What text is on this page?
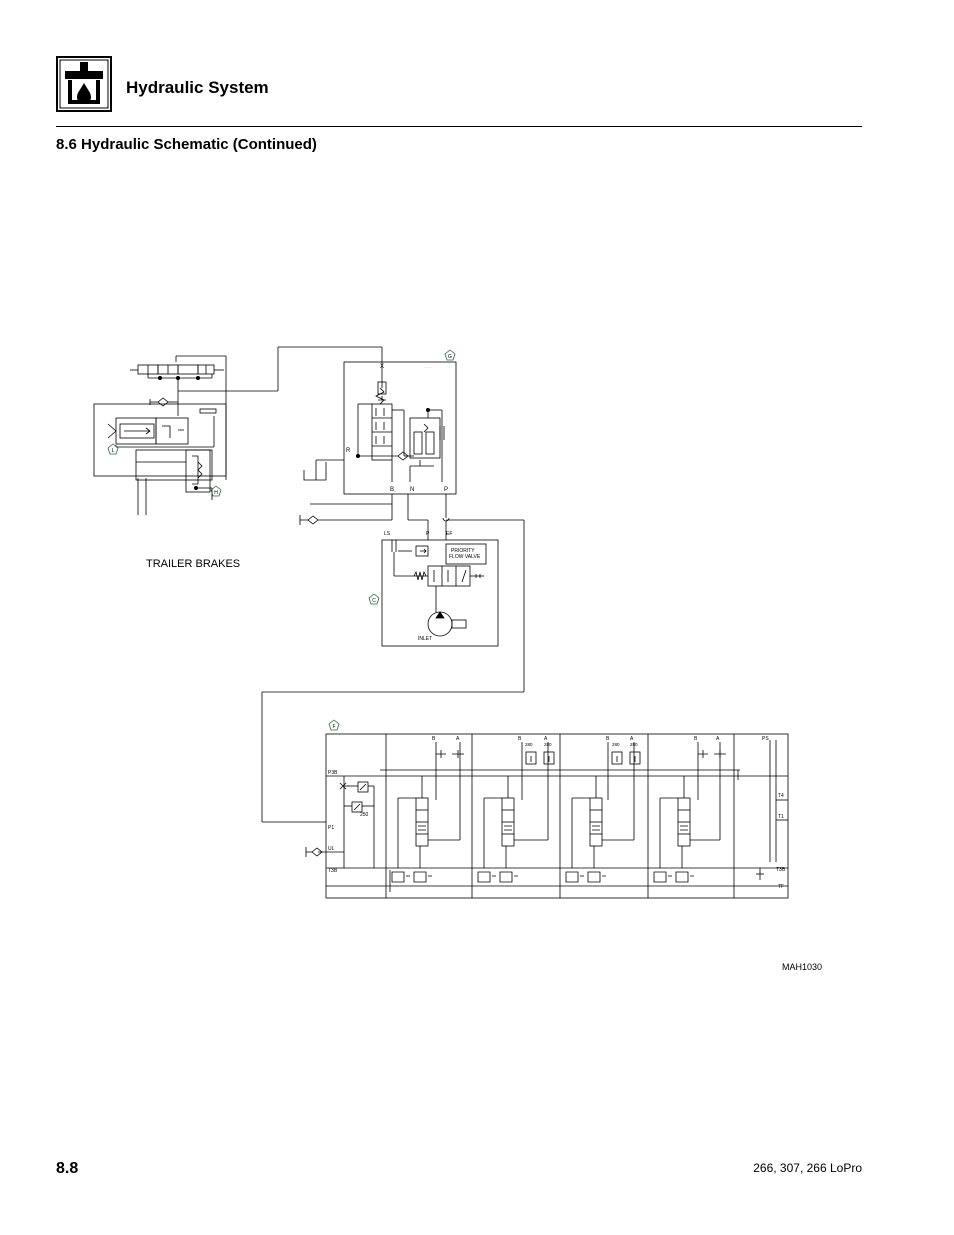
Hydraulic System
8.6 Hydraulic Schematic (Continued)
L
H
TRAILER BRAKES
X
R
B	N	P
· · · · ·
G
LS	P	EF
PRIORITY
FLOW VALVE
INLET
C
P3B
P1
UL
T3B
250
PS
T4
T1
T3B
TF
B	A	B	A
280	280
B	A
280 280
B	A
F
MAH1030
8.8	266, 307, 266 LoPro
